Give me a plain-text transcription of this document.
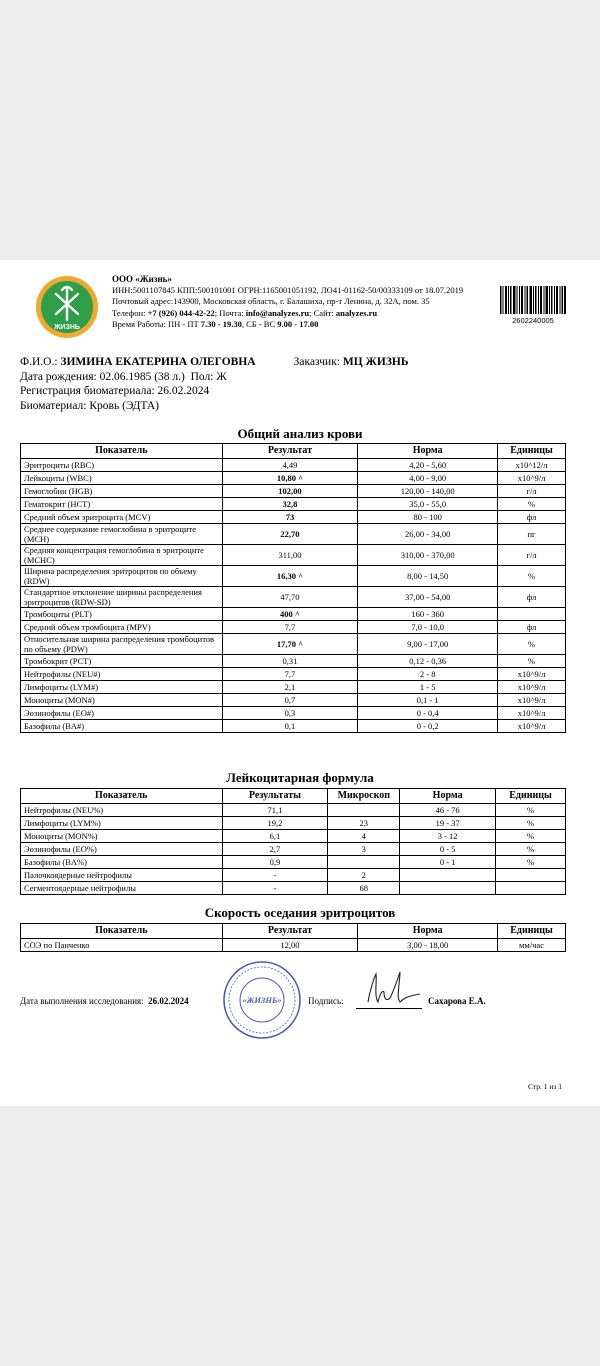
ЖИЗНЬ
ООО «Жизнь»
ИНН:5001107845 КПП:500101001 ОГРН:1165001051192, ЛО41-01162-50/00333109 от 18.07.2019
Почтовый адрес:143900, Московская область, г. Балашиха, пр-т Ленина, д. 32А, пом. 35
Телефон: +7 (926) 044-42-22; Почта: info@analyzes.ru; Сайт: analyzes.ru
Время Работы: ПН - ПТ 7.30 - 19.30, СБ - ВС 9.00 - 17.00	2602240005
Ф.И.О.: ЗИМИНА ЕКАТЕРИНА ОЛЕГОВНА	Заказчик: МЦ ЖИЗНЬ
Дата рождения: 02.06.1985 (38 л.) Пол: Ж
Регистрация биоматериала: 26.02.2024
Биоматериал: Кровь (ЭДТА)
Общий анализ крови
Показатель	Результат	Норма	Единицы
Эритроциты (RBC)	4,49	4,20 - 5,60	x10^12/л
Лейкоциты (WBC)	10,80 ^	4,00 - 9,00	x10^9/л
Гемоглобин (HGB)	102,00	120,00 - 140,00	г/л
Гематокрит (HCT)	32,8	35,0 - 55,0	%
Средний объем эритроцита (MCV)	73	80 - 100	фл
Среднее содержание гемоглобина в эритроците (MCH)	22,70	26,00 - 34,00	пг
Средняя концентрация гемоглобина в эритроците (MCHC)	311,00	310,00 - 370,00	г/л
Ширина распределения эритроцитов по объему (RDW)	16,30 ^	8,00 - 14,50	%
Стандартное отклонение ширины распределения эритроцитов (RDW-SD)	47,70	37,00 - 54,00	фл
Тромбоциты (PLT)	400 ^	160 - 360	
Средний объем тромбоцита (MPV)	7,7	7,0 - 10,0	фл
Относительная ширина распределения тромбоцитов по объему (PDW)	17,70 ^	9,00 - 17,00	%
Тромбокрит (PCT)	0,31	0,12 - 0,36	%
Нейтрофилы (NEU#)	7,7	2 - 8	x10^9/л
Лимфоциты (LYM#)	2,1	1 - 5	x10^9/л
Моноциты (MON#)	0,7	0,1 - 1	x10^9/л
Эозинофилы (EO#)	0,3	0 - 0,4	x10^9/л
Базофилы (BA#)	0,1	0 - 0,2	x10^9/л
Лейкоцитарная формула
Показатель	Результаты	Микроскоп	Норма	Единицы
Нейтрофилы (NEU%)	71,1		46 - 76	%
Лимфоциты (LYM%)	19,2	23	19 - 37	%
Моноциты (MON%)	6,1	4	3 - 12	%
Эозинофилы (EO%)	2,7	3	0 - 5	%
Базофилы (BA%)	0,9		0 - 1	%
Палочкоядерные нейтрофилы	-	2		
Сегментоядерные нейтрофилы	-	68		
Скорость оседания эритроцитов
Показатель	Результат	Норма	Единицы
СОЭ по Панченко	12,00	3,00 - 18,00	мм/час
Дата выполнения исследования: 26.02.2024	«ЖИЗНЬ»	Подпись:	Сахарова Е.А.
Стр. 1 из 1
